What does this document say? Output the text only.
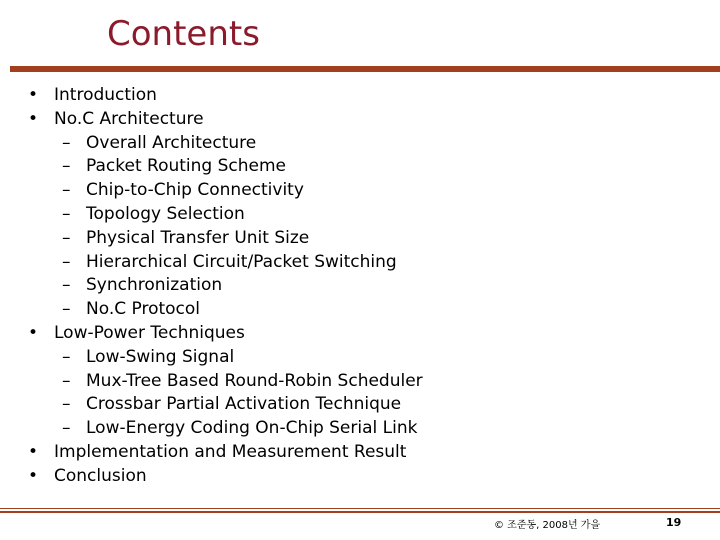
Contents
• Introduction
• No.C Architecture
– Overall Architecture
– Packet Routing Scheme
– Chip-to-Chip Connectivity
– Topology Selection
– Physical Transfer Unit Size
– Hierarchical Circuit/Packet Switching
– Synchronization
– No.C Protocol
• Low-Power Techniques
– Low-Swing Signal
– Mux-Tree Based Round-Robin Scheduler
– Crossbar Partial Activation Technique
– Low-Energy Coding On-Chip Serial Link
• Implementation and Measurement Result
• Conclusion
© 조준동, 2008년 가을	19
